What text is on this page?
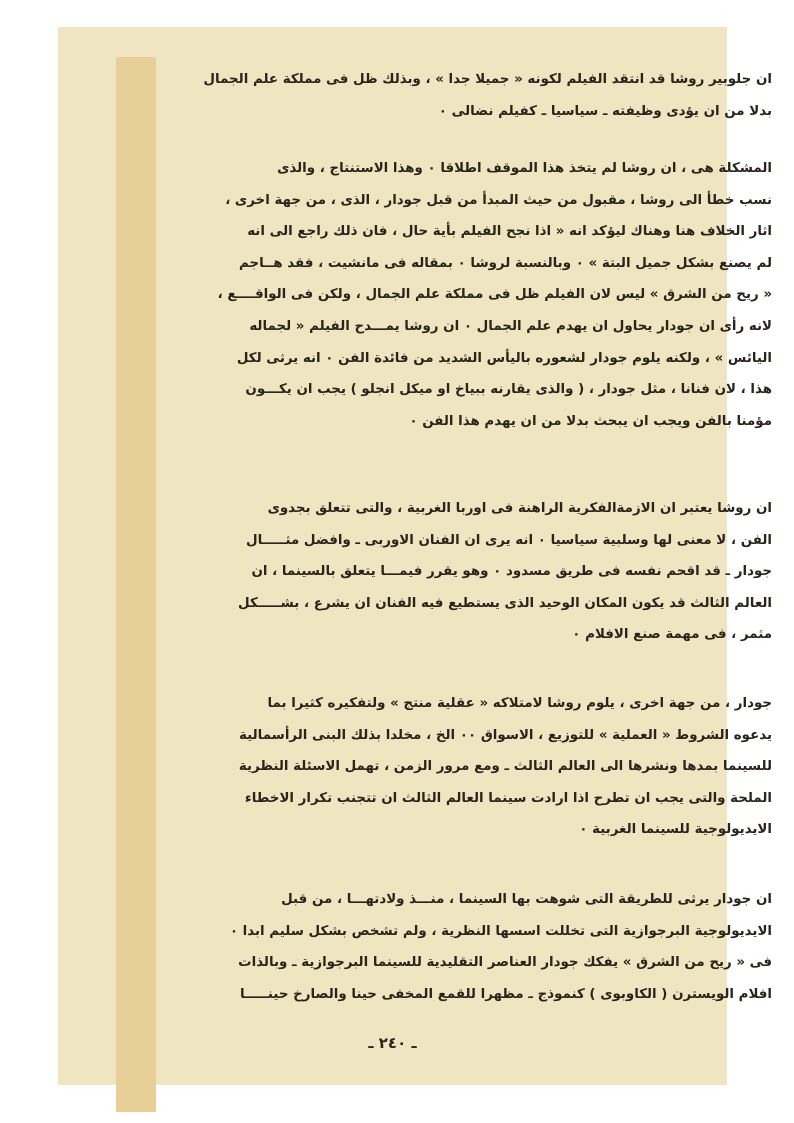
ان جلوبير روشا قد انتقد الفيلم لكونه « جميلا جدا » ، وبذلك ظل فى مملكة علم الجمال
بدلا من ان يؤدى وظيفته ـ سياسيا ـ كفيلم نضالى ٠
المشكلة هى ، ان روشا لم يتخذ هذا الموقف اطلاقا ٠ وهذا الاستنتاج ، والذى
نسب خطأ الى روشا ، مقبول من حيث المبدأ من قبل جودار ، الذى ، من جهة اخرى ،
اثار الخلاف هنا وهناك ليؤكد انه « اذا نجح الفيلم بأية حال ، فان ذلك راجع الى انه
لم يصنع بشكل جميل البتة » ٠ وبالنسبة لروشا ٠ بمقاله فى مانشيت ، فقد هــاجم
« ريح من الشرق » ليس لان الفيلم ظل فى مملكة علم الجمال ، ولكن فى الواقــــع ،
لانه رأى ان جودار يحاول ان يهدم علم الجمال ٠ ان روشا يمـــدح الفيلم « لجماله
اليائس » ، ولكنه يلوم جودار لشعوره باليأس الشديد من فائدة الفن ٠ انه يرثى لكل
هذا ، لان فنانا ، مثل جودار ، ( والذى يقارنه ببياخ او ميكل انجلو ) يجب ان يكـــون
مؤمنا بالفن ويجب ان يبحث بدلا من ان يهدم هذا الفن ٠
ان روشا يعتبر ان الازمةالفكرية الراهنة فى اوربا الغربية ، والتى تتعلق بجدوى
الفن ، لا معنى لها وسلبية سياسيا ٠ انه يرى ان الفنان الاوربى ـ وافضل مثـــــال
جودار ـ قد اقحم نفسه فى طريق مسدود ٠ وهو يقرر فيمـــا يتعلق بالسينما ، ان
العالم الثالث قد يكون المكان الوحيد الذى يستطيع فيه الفنان ان يشرع ، بشـــــكل
مثمر ، فى مهمة صنع الافلام ٠
جودار ، من جهة اخرى ، يلوم روشا لامتلاكه « عقلية منتج » ولتفكيره كثيرا بما
يدعوه الشروط « العملية » للتوزيع ، الاسواق ٠٠ الخ ، مخلدا بذلك البنى الرأسمالية
للسينما بمدها ونشرها الى العالم الثالث ـ ومع مرور الزمن ، تهمل الاسئلة النظرية
الملحة والتى يجب ان تطرح اذا ارادت سينما العالم الثالث ان تتجنب تكرار الاخطاء
الايديولوجية للسينما الغربية ٠
ان جودار يرثى للطريقة التى شوهت بها السينما ، منـــذ ولادتهـــا ، من قبل
الايديولوجية البرجوازية التى تخللت اسسها النظرية ، ولم تشخص بشكل سليم ابدا ٠
فى « ريح من الشرق » يفكك جودار العناصر التقليدية للسينما البرجوازية ـ وبالذات
افلام الويسترن ( الكاوبوى ) كنموذج ـ مظهرا للقمع المخفى حينا والصارخ حينـــــا
ـ ٢٤٠ ـ
